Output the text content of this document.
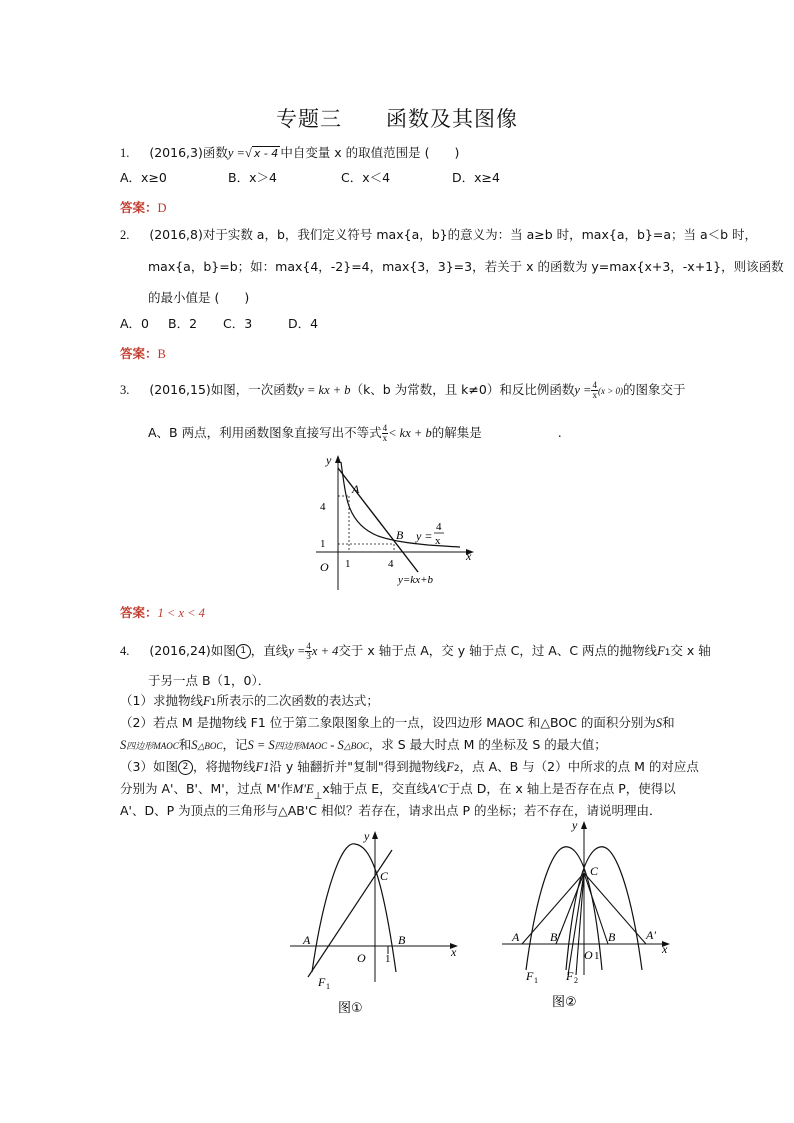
专题三　　函数及其图像
1. (2016,3)函数y =√ x - 4 中自变量 x 的取值范围是 (　　)
A．x≥0	B．x＞4	C．x＜4	D．x≥4
答案：D
2. (2016,8)对于实数 a，b，我们定义符号 max{a，b}的意义为：当 a≥b 时，max{a，b}=a；当 a＜b 时，
max{a，b}=b；如：max{4，-2}=4，max{3，3}=3，若关于 x 的函数为 y=max{x+3，-x+1}，则该函数
的最小值是 (　　)
A．0 B．2 C．3	D．4
答案：B
3. (2016,15)如图，一次函数y = kx + b（k、b 为常数，且 k≠0）和反比例函数$y = \frac{4}{x} (x > 0)$的图象交于
A、B 两点，利用函数图象直接写出不等式 $\frac{4}{x}$ < kx + b的解集是	.
y
x
O 1	4
1
4
A
B y =
4
x
y=kx+b
答案：1 < x < 4
4. (2016,24)如图 1 ，直线$y = \frac{4}{3}$ x + 4交于 x 轴于点 A，交 y 轴于点 C，过 A、C 两点的抛物线F1交 x 轴
于另一点 B（1，0）．
（1）求抛物线F1所表示的二次函数的表达式；
（2）若点 M 是抛物线 F1 位于第二象限图象上的一点，设四边形 MAOC 和△BOC 的面积分别为S和
S四边形MAOC和S△BOC，记S = S四边形MAOC - S△BOC，求 S 最大时点 M 的坐标及 S 的最大值；
（3）如图 2 ，将抛物线F1沿 y 轴翻折并"复制"得到抛物线F2，点 A、B 与（2）中所求的点 M 的对应点
分别为 A'、B'、M'，过点 M'作$M'E_\perp x$轴于点 E，交直线A'C于点 D，在 x 轴上是否存在点 P，使得以
A'、D、P 为顶点的三角形与△AB'C 相似？若存在，请求出点 P 的坐标；若不存在，请说明理由．
y
x
O 1
A	B
C
F 1
图①
y
x
O 1
A	B'	B	A'
C
F 1 F 2
图②
